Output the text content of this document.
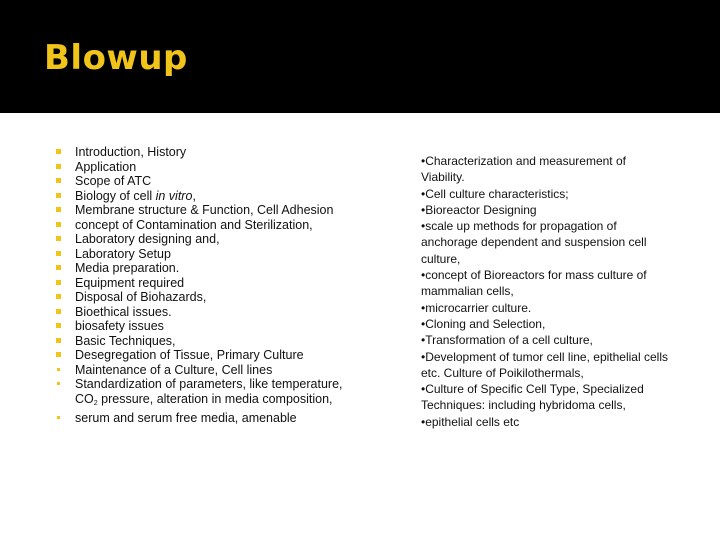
Blowup
Introduction, History
Application
Scope of ATC
Biology of cell in vitro,
Membrane structure & Function, Cell Adhesion
concept of Contamination and Sterilization,
Laboratory designing and,
Laboratory Setup
Media preparation.
Equipment required
Disposal of Biohazards,
Bioethical issues.
biosafety issues
Basic Techniques,
Desegregation of Tissue, Primary Culture
Maintenance of a Culture, Cell lines
Standardization of parameters, like temperature, $CO_2$ pressure, alteration in media composition,
serum and serum free media, amenable
•Characterization and measurement of Viability.
•Cell culture characteristics;
•Bioreactor Designing
•scale up methods for propagation of anchorage dependent and suspension cell culture,
•concept of Bioreactors for mass culture of mammalian cells,
•microcarrier culture.
•Cloning and Selection,
•Transformation of a cell culture,
•Development of tumor cell line, epithelial cells etc. Culture of Poikilothermals,
•Culture of Specific Cell Type, Specialized Techniques: including hybridoma cells,
•epithelial cells etc
